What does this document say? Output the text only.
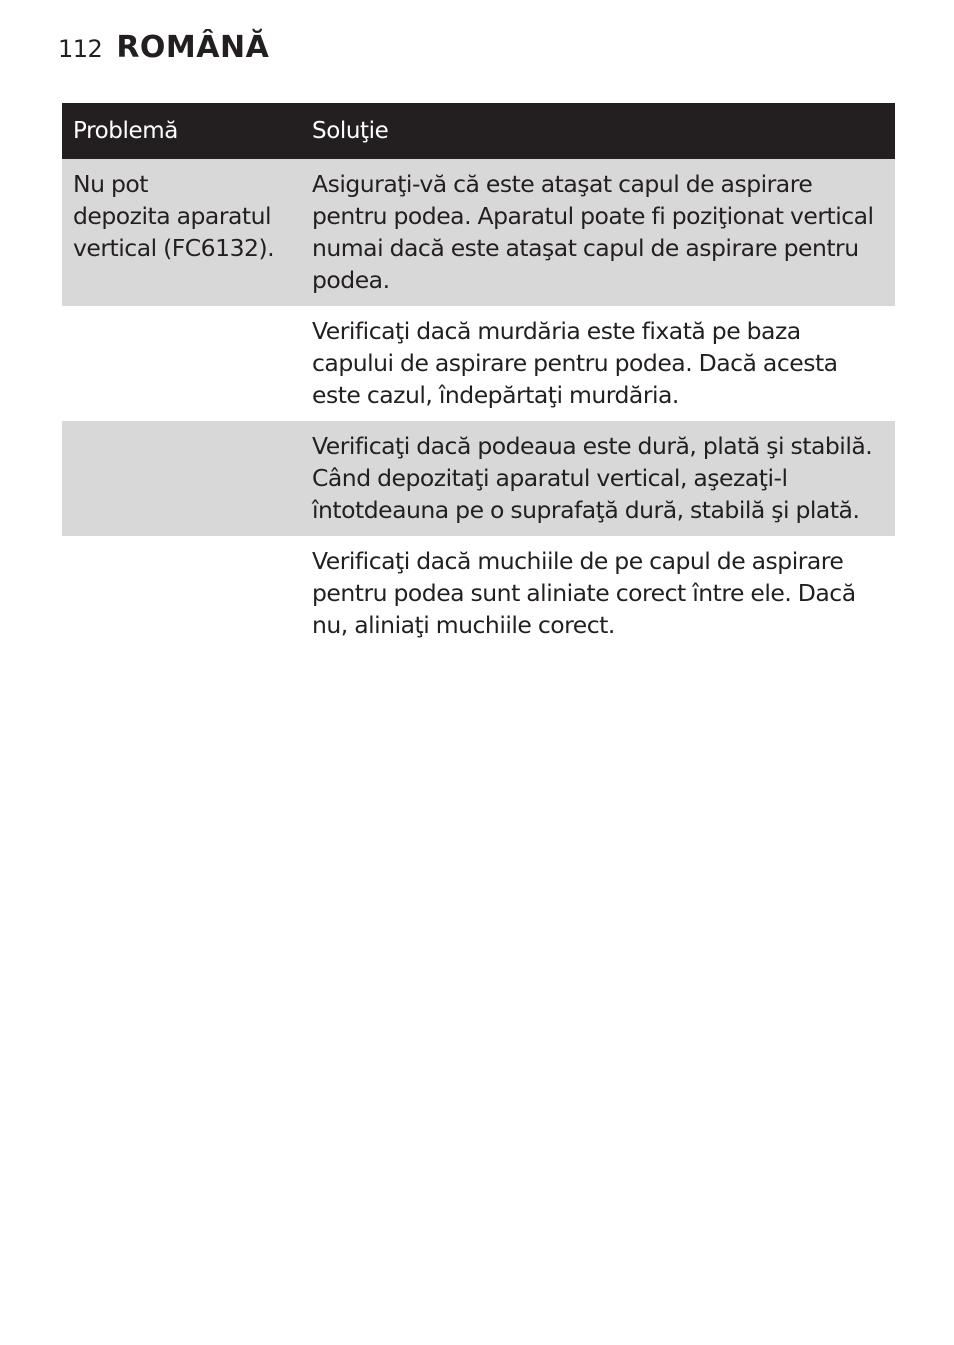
112 ROMÂNĂ
Problemă	Soluţie
Nu pot
depozita aparatul vertical (FC6132).	Asiguraţi-vă că este ataşat capul de aspirare pentru podea. Aparatul poate fi poziţionat vertical numai dacă este ataşat capul de aspirare pentru podea.
	Verificaţi dacă murdăria este fixată pe baza capului de aspirare pentru podea. Dacă acesta este cazul, îndepărtaţi murdăria.
	Verificaţi dacă podeaua este dură, plată şi stabilă. Când depozitaţi aparatul vertical, aşezaţi-l întotdeauna pe o suprafaţă dură, stabilă şi plată.
	Verificaţi dacă muchiile de pe capul de aspirare pentru podea sunt aliniate corect între ele. Dacă nu, aliniaţi muchiile corect.
